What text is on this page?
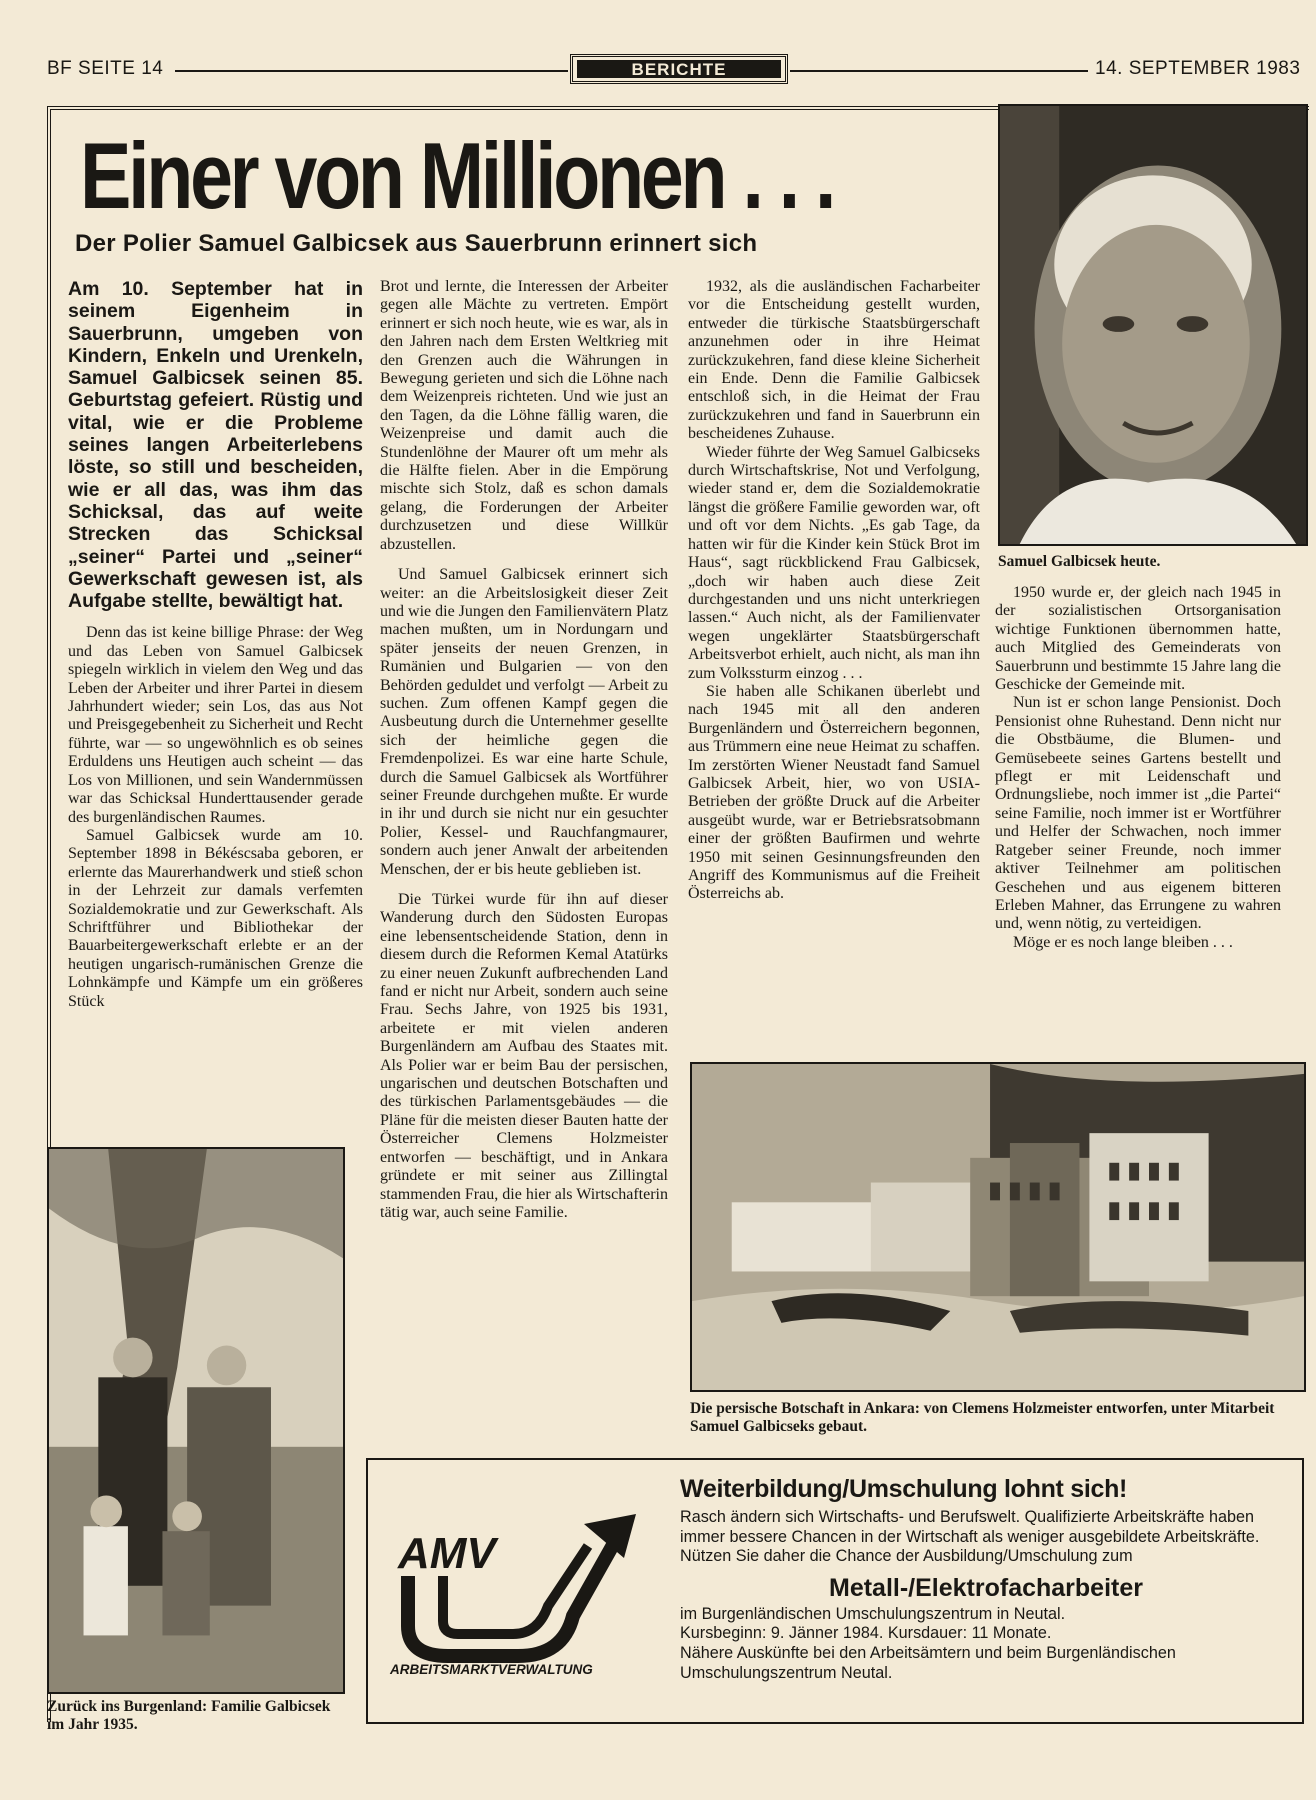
BF SEITE 14	BERICHTE	14. SEPTEMBER 1983
Einer von Millionen . . .
Der Polier Samuel Galbicsek aus Sauerbrunn erinnert sich
Samuel Galbicsek heute.

Am 10. September hat in seinem Eigenheim in Sauerbrunn, umgeben von Kindern, Enkeln und Urenkeln, Samuel Galbicsek seinen 85. Geburtstag gefeiert. Rüstig und vital, wie er die Probleme seines langen Arbeiterlebens löste, so still und bescheiden, wie er all das, was ihm das Schicksal, das auf weite Strecken das Schicksal „seiner“ Partei und „seiner“ Gewerkschaft gewesen ist, als Aufgabe stellte, bewältigt hat.

Denn das ist keine billige Phrase: der Weg und das Leben von Samuel Galbicsek spiegeln wirklich in vielem den Weg und das Leben der Arbeiter und ihrer Partei in diesem Jahrhundert wieder; sein Los, das aus Not und Preisgegebenheit zu Sicherheit und Recht führte, war — so ungewöhnlich es ob seines Erduldens uns Heutigen auch scheint — das Los von Millionen, und sein Wandernmüssen war das Schicksal Hunderttausender gerade des burgenländischen Raumes.

Samuel Galbicsek wurde am 10. September 1898 in Békéscsaba geboren, er erlernte das Maurerhandwerk und stieß schon in der Lehrzeit zur damals verfemten Sozialdemokratie und zur Gewerkschaft. Als Schriftführer und Bibliothekar der Bauarbeitergewerkschaft erlebte er an der heutigen ungarisch-rumänischen Grenze die Lohnkämpfe und Kämpfe um ein größeres Stück

Zurück ins Burgenland: Familie Galbicsek im Jahr 1935.

Brot und lernte, die Interessen der Arbeiter gegen alle Mächte zu vertreten. Empört erinnert er sich noch heute, wie es war, als in den Jahren nach dem Ersten Weltkrieg mit den Grenzen auch die Währungen in Bewegung gerieten und sich die Löhne nach dem Weizenpreis richteten. Und wie just an den Tagen, da die Löhne fällig waren, die Weizenpreise und damit auch die Stundenlöhne der Maurer oft um mehr als die Hälfte fielen. Aber in die Empörung mischte sich Stolz, daß es schon damals gelang, die Forderungen der Arbeiter durchzusetzen und diese Willkür abzustellen.

Und Samuel Galbicsek erinnert sich weiter: an die Arbeitslosigkeit dieser Zeit und wie die Jungen den Familienvätern Platz machen mußten, um in Nordungarn und später jenseits der neuen Grenzen, in Rumänien und Bulgarien — von den Behörden geduldet und verfolgt — Arbeit zu suchen. Zum offenen Kampf gegen die Ausbeutung durch die Unternehmer gesellte sich der heimliche gegen die Fremdenpolizei. Es war eine harte Schule, durch die Samuel Galbicsek als Wortführer seiner Freunde durchgehen mußte. Er wurde in ihr und durch sie nicht nur ein gesuchter Polier, Kessel- und Rauchfangmaurer, sondern auch jener Anwalt der arbeitenden Menschen, der er bis heute geblieben ist.

Die Türkei wurde für ihn auf dieser Wanderung durch den Südosten Europas eine lebensentscheidende Station, denn in diesem durch die Reformen Kemal Atatürks zu einer neuen Zukunft aufbrechenden Land fand er nicht nur Arbeit, sondern auch seine Frau. Sechs Jahre, von 1925 bis 1931, arbeitete er mit vielen anderen Burgenländern am Aufbau des Staates mit. Als Polier war er beim Bau der persischen, ungarischen und deutschen Botschaften und des türkischen Parlamentsgebäudes — die Pläne für die meisten dieser Bauten hatte der Österreicher Clemens Holzmeister entworfen — beschäftigt, und in Ankara gründete er mit seiner aus Zillingtal stammenden Frau, die hier als Wirtschafterin tätig war, auch seine Familie.

1932, als die ausländischen Facharbeiter vor die Entscheidung gestellt wurden, entweder die türkische Staatsbürgerschaft anzunehmen oder in ihre Heimat zurückzukehren, fand diese kleine Sicherheit ein Ende. Denn die Familie Galbicsek entschloß sich, in die Heimat der Frau zurückzukehren und fand in Sauerbrunn ein bescheidenes Zuhause.

Wieder führte der Weg Samuel Galbicseks durch Wirtschaftskrise, Not und Verfolgung, wieder stand er, dem die Sozialdemokratie längst die größere Familie geworden war, oft und oft vor dem Nichts. „Es gab Tage, da hatten wir für die Kinder kein Stück Brot im Haus“, sagt rückblickend Frau Galbicsek, „doch wir haben auch diese Zeit durchgestanden und uns nicht unterkriegen lassen.“ Auch nicht, als der Familienvater wegen ungeklärter Staatsbürgerschaft Arbeitsverbot erhielt, auch nicht, als man ihn zum Volkssturm einzog . . .

Sie haben alle Schikanen überlebt und nach 1945 mit all den anderen Burgenländern und Österreichern begonnen, aus Trümmern eine neue Heimat zu schaffen. Im zerstörten Wiener Neustadt fand Samuel Galbicsek Arbeit, hier, wo von USIA-Betrieben der größte Druck auf die Arbeiter ausgeübt wurde, war er Betriebsratsobmann einer der größten Baufirmen und wehrte 1950 mit seinen Gesinnungsfreunden den Angriff des Kommunismus auf die Freiheit Österreichs ab.

1950 wurde er, der gleich nach 1945 in der sozialistischen Ortsorganisation wichtige Funktionen übernommen hatte, auch Mitglied des Gemeinderats von Sauerbrunn und bestimmte 15 Jahre lang die Geschicke der Gemeinde mit.

Nun ist er schon lange Pensionist. Doch Pensionist ohne Ruhestand. Denn nicht nur die Obstbäume, die Blumen- und Gemüsebeete seines Gartens bestellt und pflegt er mit Leidenschaft und Ordnungsliebe, noch immer ist „die Partei“ seine Familie, noch immer ist er Wortführer und Helfer der Schwachen, noch immer Ratgeber seiner Freunde, noch immer aktiver Teilnehmer am politischen Geschehen und aus eigenem bitteren Erleben Mahner, das Errungene zu wahren und, wenn nötig, zu verteidigen.

Möge er es noch lange bleiben . . .

Die persische Botschaft in Ankara: von Clemens Holzmeister entworfen, unter Mitarbeit Samuel Galbicseks gebaut.
AMV
ARBEITSMARKTVERWALTUNG
Weiterbildung/Umschulung lohnt sich!
Rasch ändern sich Wirtschafts- und Berufswelt. Qualifizierte Arbeitskräfte haben immer bessere Chancen in der Wirtschaft als weniger ausgebildete Arbeitskräfte.
Nützen Sie daher die Chance der Ausbildung/Umschulung zum
Metall-/Elektrofacharbeiter
im Burgenländischen Umschulungszentrum in Neutal.
Kursbeginn: 9. Jänner 1984. Kursdauer: 11 Monate.
Nähere Auskünfte bei den Arbeitsämtern und beim Burgenländischen Umschulungszentrum Neutal.
